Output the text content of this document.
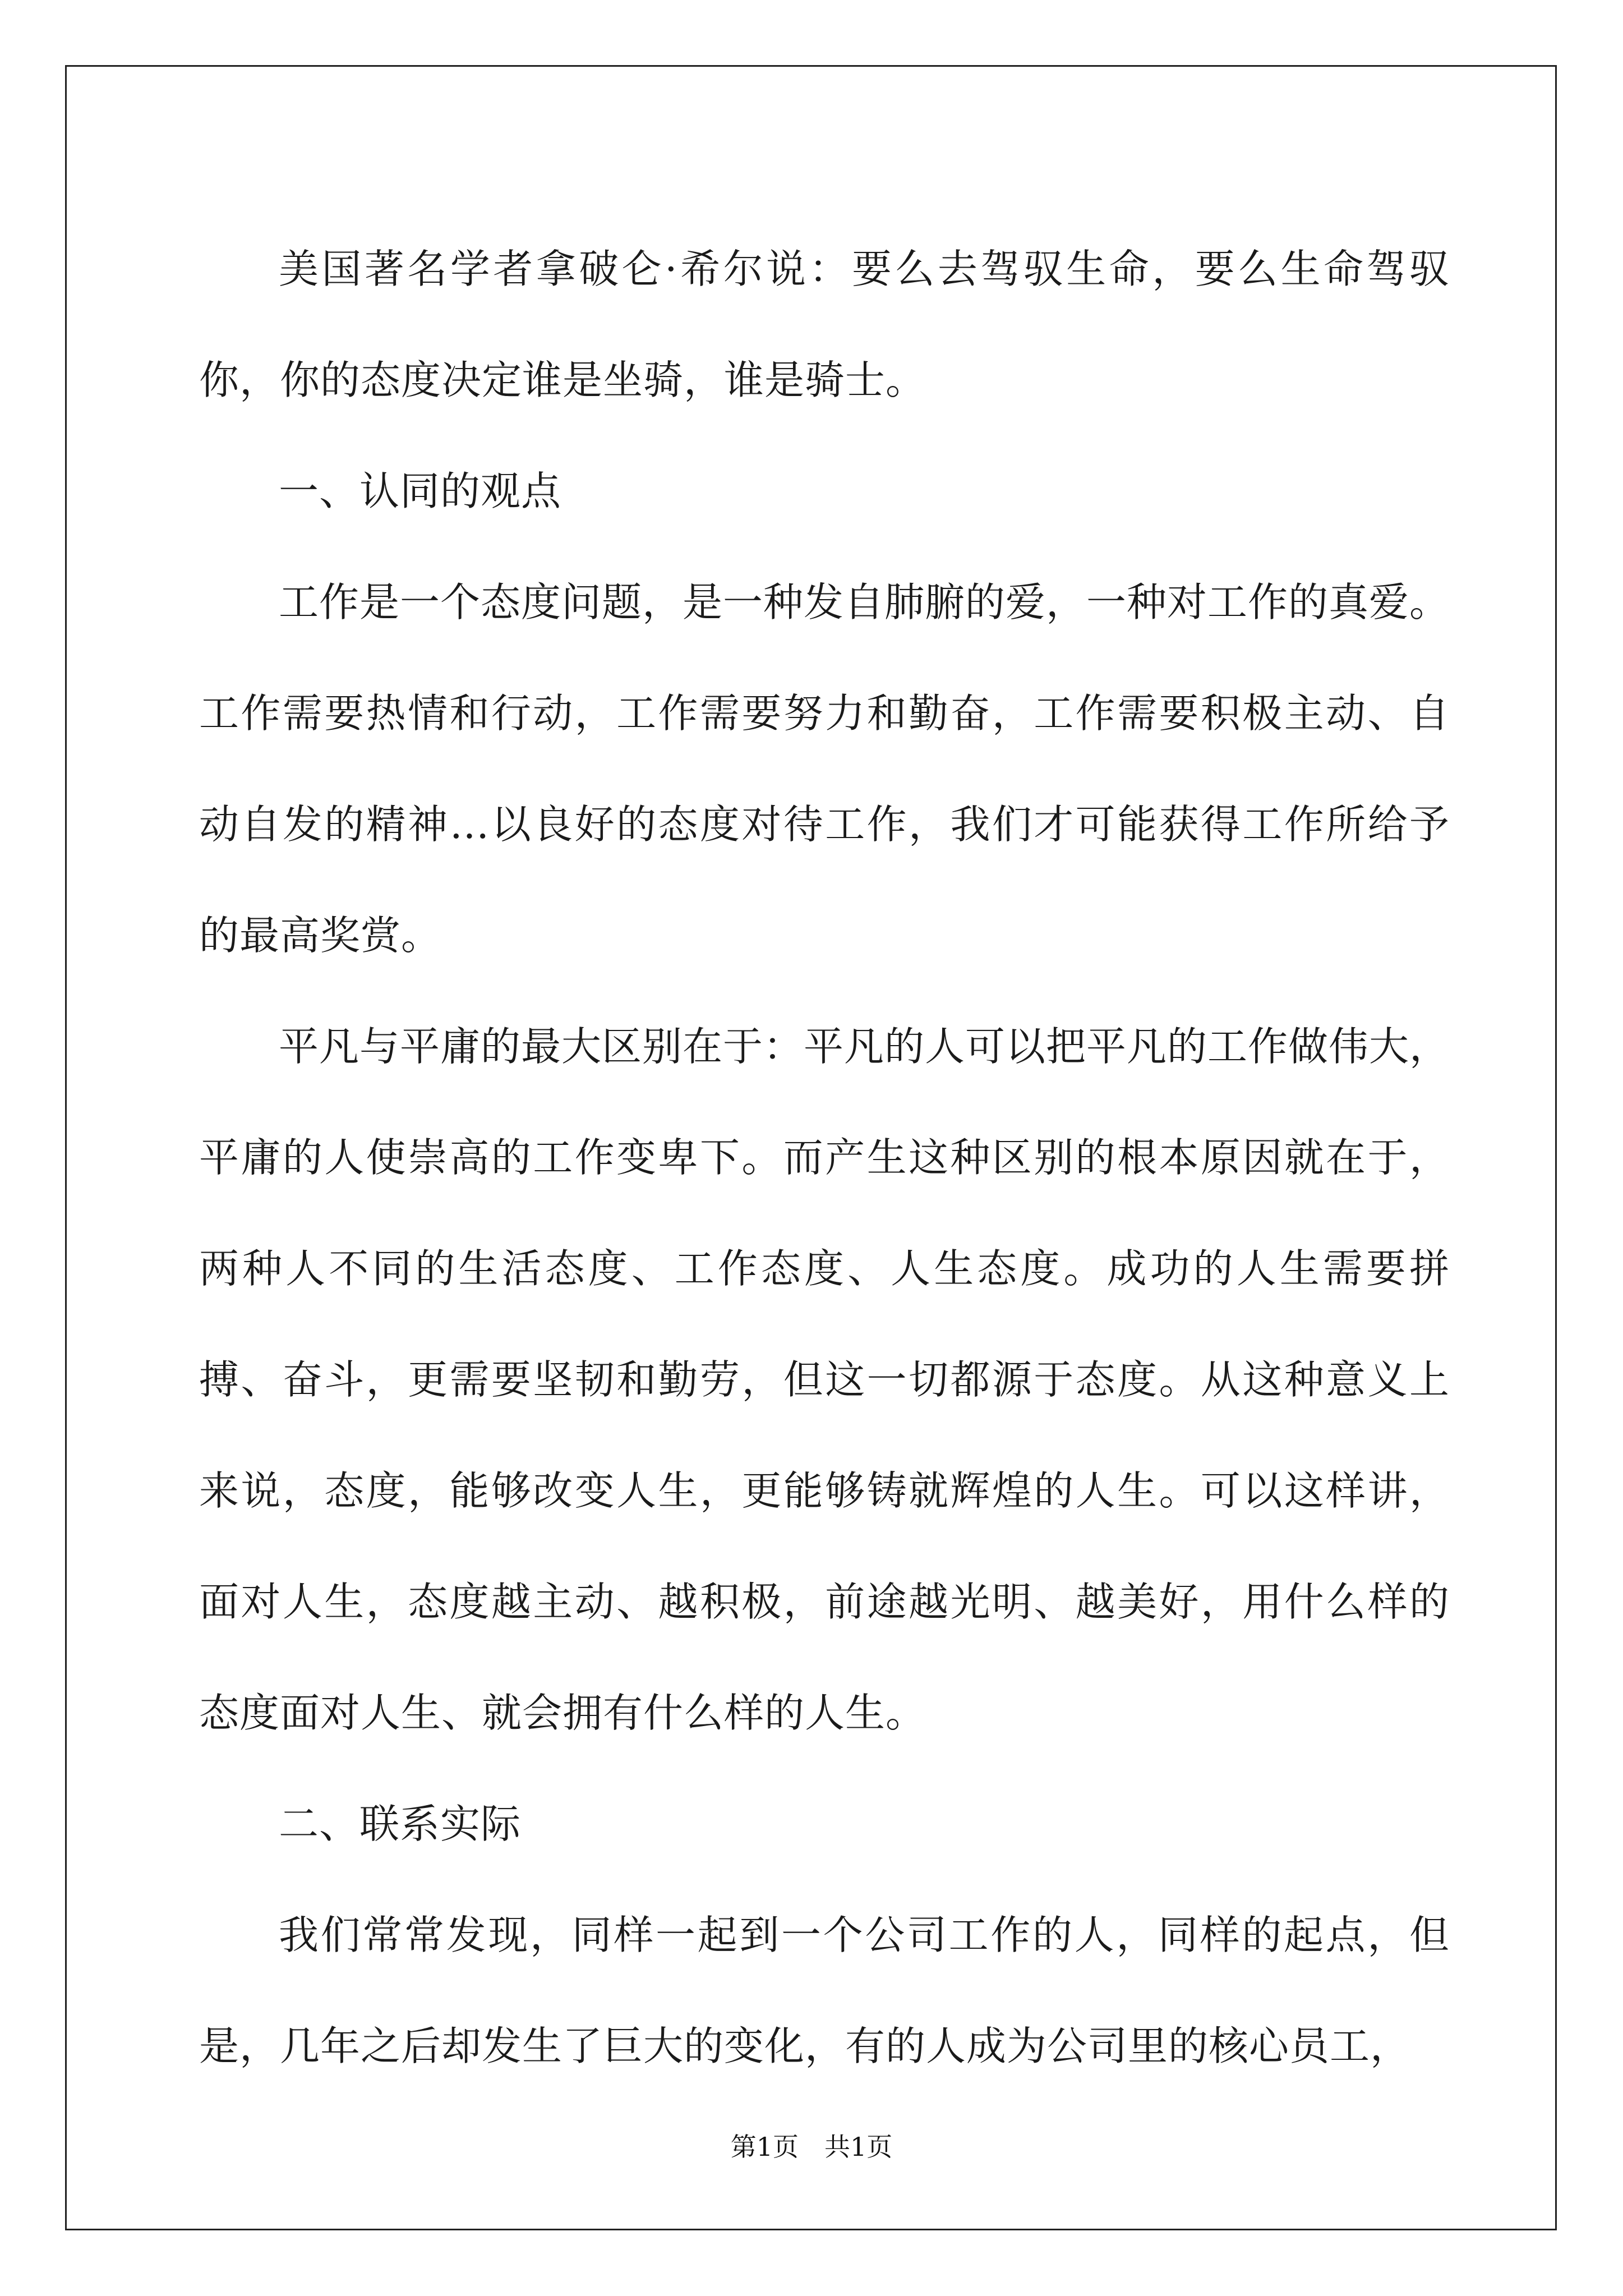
美国著名学者拿破仑·希尔说：要么去驾驭生命，要么生命驾驭你，你的态度决定谁是坐骑，谁是骑士。

一、认同的观点

工作是一个态度问题，是一种发自肺腑的爱，一种对工作的真爱。工作需要热情和行动，工作需要努力和勤奋，工作需要积极主动、自动自发的精神…以良好的态度对待工作，我们才可能获得工作所给予的最高奖赏。

平凡与平庸的最大区别在于：平凡的人可以把平凡的工作做伟大，平庸的人使崇高的工作变卑下。而产生这种区别的根本原因就在于，两种人不同的生活态度、工作态度、人生态度。成功的人生需要拼搏、奋斗，更需要坚韧和勤劳，但这一切都源于态度。从这种意义上来说，态度，能够改变人生，更能够铸就辉煌的人生。可以这样讲，面对人生，态度越主动、越积极，前途越光明、越美好，用什么样的态度面对人生、就会拥有什么样的人生。

二、联系实际

我们常常发现，同样一起到一个公司工作的人，同样的起点，但是，几年之后却发生了巨大的变化，有的人成为公司里的核心员工，

第1页　共1页
